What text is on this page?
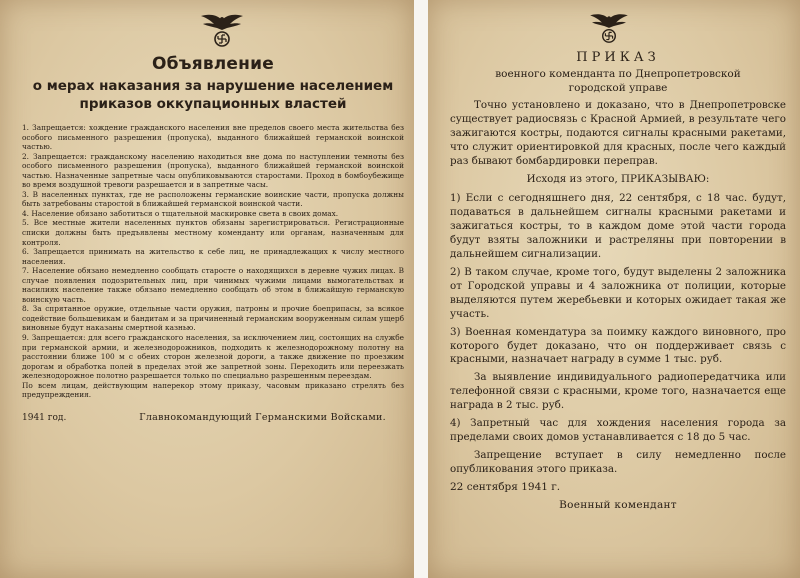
Объявление
о мерах наказания за нарушение населением
приказов оккупационных властей

1. Запрещается: хождение гражданского населения вне пределов своего места жительства без особого письменного разрешения (пропуска), выданного ближайшей германской воинской частью.

2. Запрещается: гражданскому населению находиться вне дома по наступлении темноты без особого письменного разрешения (пропуска), выданного ближайшей германской воинской частью. Назначенные запретные часы опубликовываются старостами. Проход в бомбоубежище во время воздушной тревоги разрешается и в запретные часы.

3. В населенных пунктах, где не расположены германские воинские части, пропуска должны быть затребованы старостой в ближайшей германской воинской части.

4. Население обязано заботиться о тщательной маскировке света в своих домах.

5. Все местные жители населенных пунктов обязаны зарегистрироваться. Регистрационные списки должны быть предъявлены местному коменданту или органам, назначенным для контроля.

6. Запрещается принимать на жительство к себе лиц, не принадлежащих к числу местного населения.

7. Население обязано немедленно сообщать старосте о находящихся в деревне чужих лицах. В случае появления подозрительных лиц, при чинимых чужими лицами вымогательствах и насилиях население также обязано немедленно сообщать об этом в ближайшую германскую воинскую часть.

8. За спрятанное оружие, отдельные части оружия, патроны и прочие боеприпасы, за всякое содействие большевикам и бандитам и за причиненный германским вооруженным силам ущерб виновные будут наказаны смертной казнью.

9. Запрещается: для всего гражданского населения, за исключением лиц, состоящих на службе при германской армии, и железнодорожников, подходить к железнодорожному полотну на расстоянии ближе 100 м с обеих сторон железной дороги, а также движение по проезжим дорогам и обработка полей в пределах этой же запретной зоны. Переходить или переезжать железнодорожное полотно разрешается только по специально разрешенным переездам.

По всем лицам, действующим наперекор этому приказу, часовым приказано стрелять без предупреждения.

1941 год.	Главнокомандующий Германскими Войсками.
ПРИКАЗ
военного коменданта по Днепропетровской
городской управе

Точно установлено и доказано, что в Днепропетровске существует радиосвязь с Красной Армией, в результате чего зажигаются костры, подаются сигналы красными ракетами, что служит ориентировкой для красных, после чего каждый раз бывают бомбардировки переправ.

Исходя из этого, ПРИКАЗЫВАЮ:

1) Если с сегодняшнего дня, 22 сентября, с 18 час. будут, подаваться в дальнейшем сигналы красными ракетами и зажигаться костры, то в каждом доме этой части города будут взяты заложники и растреляны при повторении в дальнейшем сигнализации.

2) В таком случае, кроме того, будут выделены 2 заложника от Городской управы и 4 заложника от полиции, которые выделяются путем жеребьевки и которых ожидает такая же участь.

3) Военная комендатура за поимку каждого виновного, про которого будет доказано, что он поддерживает связь с красными, назначает награду в сумме 1 тыс. руб.

За выявление индивидуального радиопередатчика или телефонной связи с красными, кроме того, назначается еще награда в 2 тыс. руб.

4) Запретный час для хождения населения города за пределами своих домов устанавливается с 18 до 5 час.

Запрещение вступает в силу немедленно после опубликования этого приказа.

22 сентября 1941 г.
Военный комендант
